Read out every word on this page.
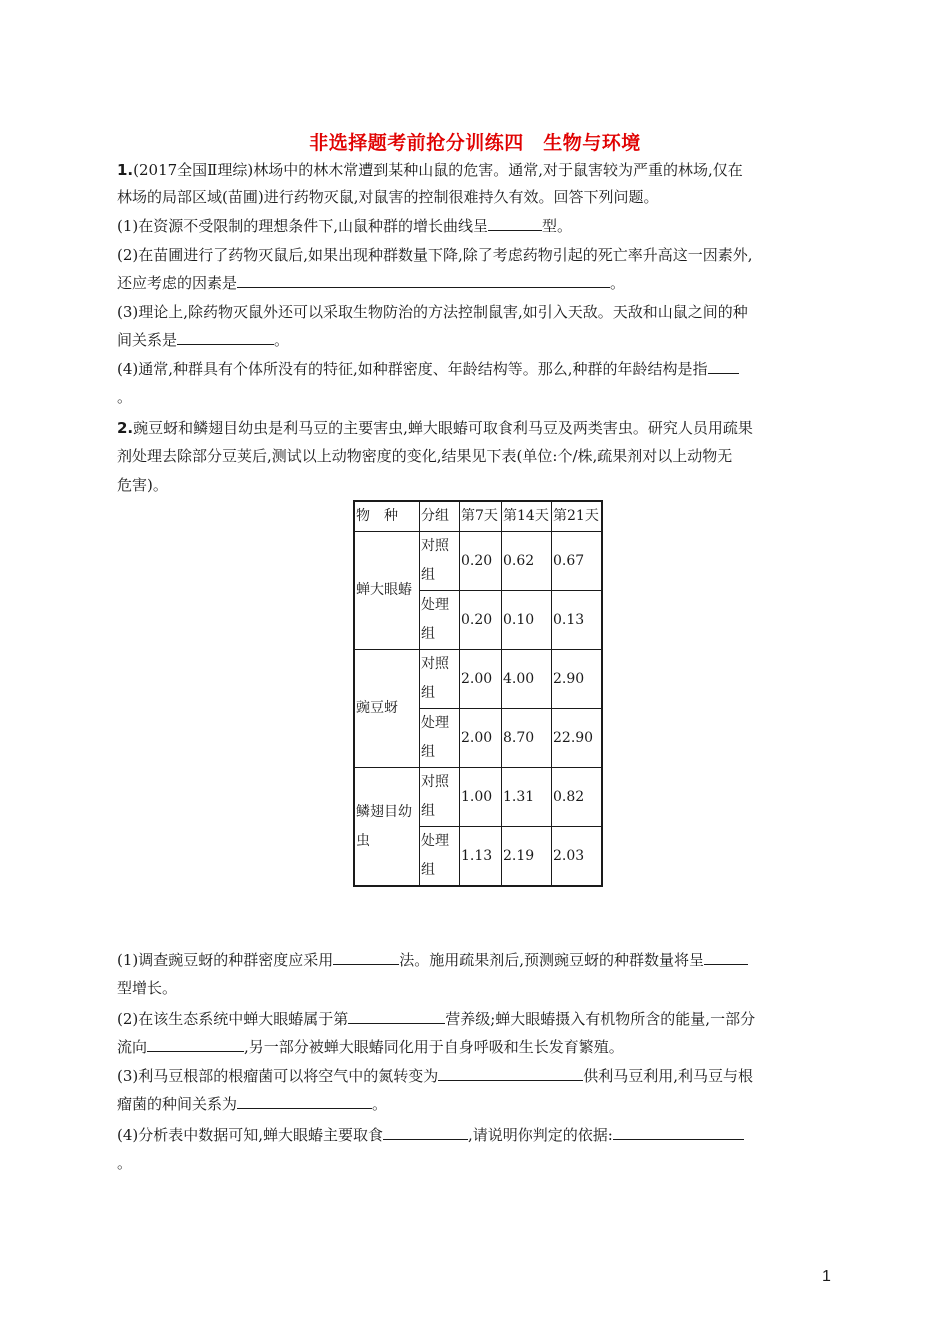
非选择题考前抢分训练四　生物与环境
1.(2017全国Ⅱ理综)林场中的林木常遭到某种山鼠的危害。通常,对于鼠害较为严重的林场,仅在
林场的局部区域(苗圃)进行药物灭鼠,对鼠害的控制很难持久有效。回答下列问题。
(1)在资源不受限制的理想条件下,山鼠种群的增长曲线呈	型。
(2)在苗圃进行了药物灭鼠后,如果出现种群数量下降,除了考虑药物引起的死亡率升高这一因素外,
还应考虑的因素是	。
(3)理论上,除药物灭鼠外还可以采取生物防治的方法控制鼠害,如引入天敌。天敌和山鼠之间的种
间关系是	。
(4)通常,种群具有个体所没有的特征,如种群密度、年龄结构等。那么,种群的年龄结构是指
。
2.豌豆蚜和鳞翅目幼虫是利马豆的主要害虫,蝉大眼蝽可取食利马豆及两类害虫。研究人员用疏果
剂处理去除部分豆荚后,测试以上动物密度的变化,结果见下表(单位:个/株,疏果剂对以上动物无
危害)。
物　种	分组	第7天	第14天	第21天
蝉大眼蝽	对照组	0.20	0.62	0.67
	处理组	0.20	0.10	0.13
豌豆蚜	对照组	2.00	4.00	2.90
	处理组	2.00	8.70	22.90
鳞翅目幼虫	对照组	1.00	1.31	0.82
	处理组	1.13	2.19	2.03
(1)调查豌豆蚜的种群密度应采用	法。施用疏果剂后,预测豌豆蚜的种群数量将呈
型增长。
(2)在该生态系统中蝉大眼蝽属于第	营养级;蝉大眼蝽摄入有机物所含的能量,一部分
流向	,另一部分被蝉大眼蝽同化用于自身呼吸和生长发育繁殖。
(3)利马豆根部的根瘤菌可以将空气中的氮转变为	供利马豆利用,利马豆与根
瘤菌的种间关系为	。
(4)分析表中数据可知,蝉大眼蝽主要取食	,请说明你判定的依据:
。
1
